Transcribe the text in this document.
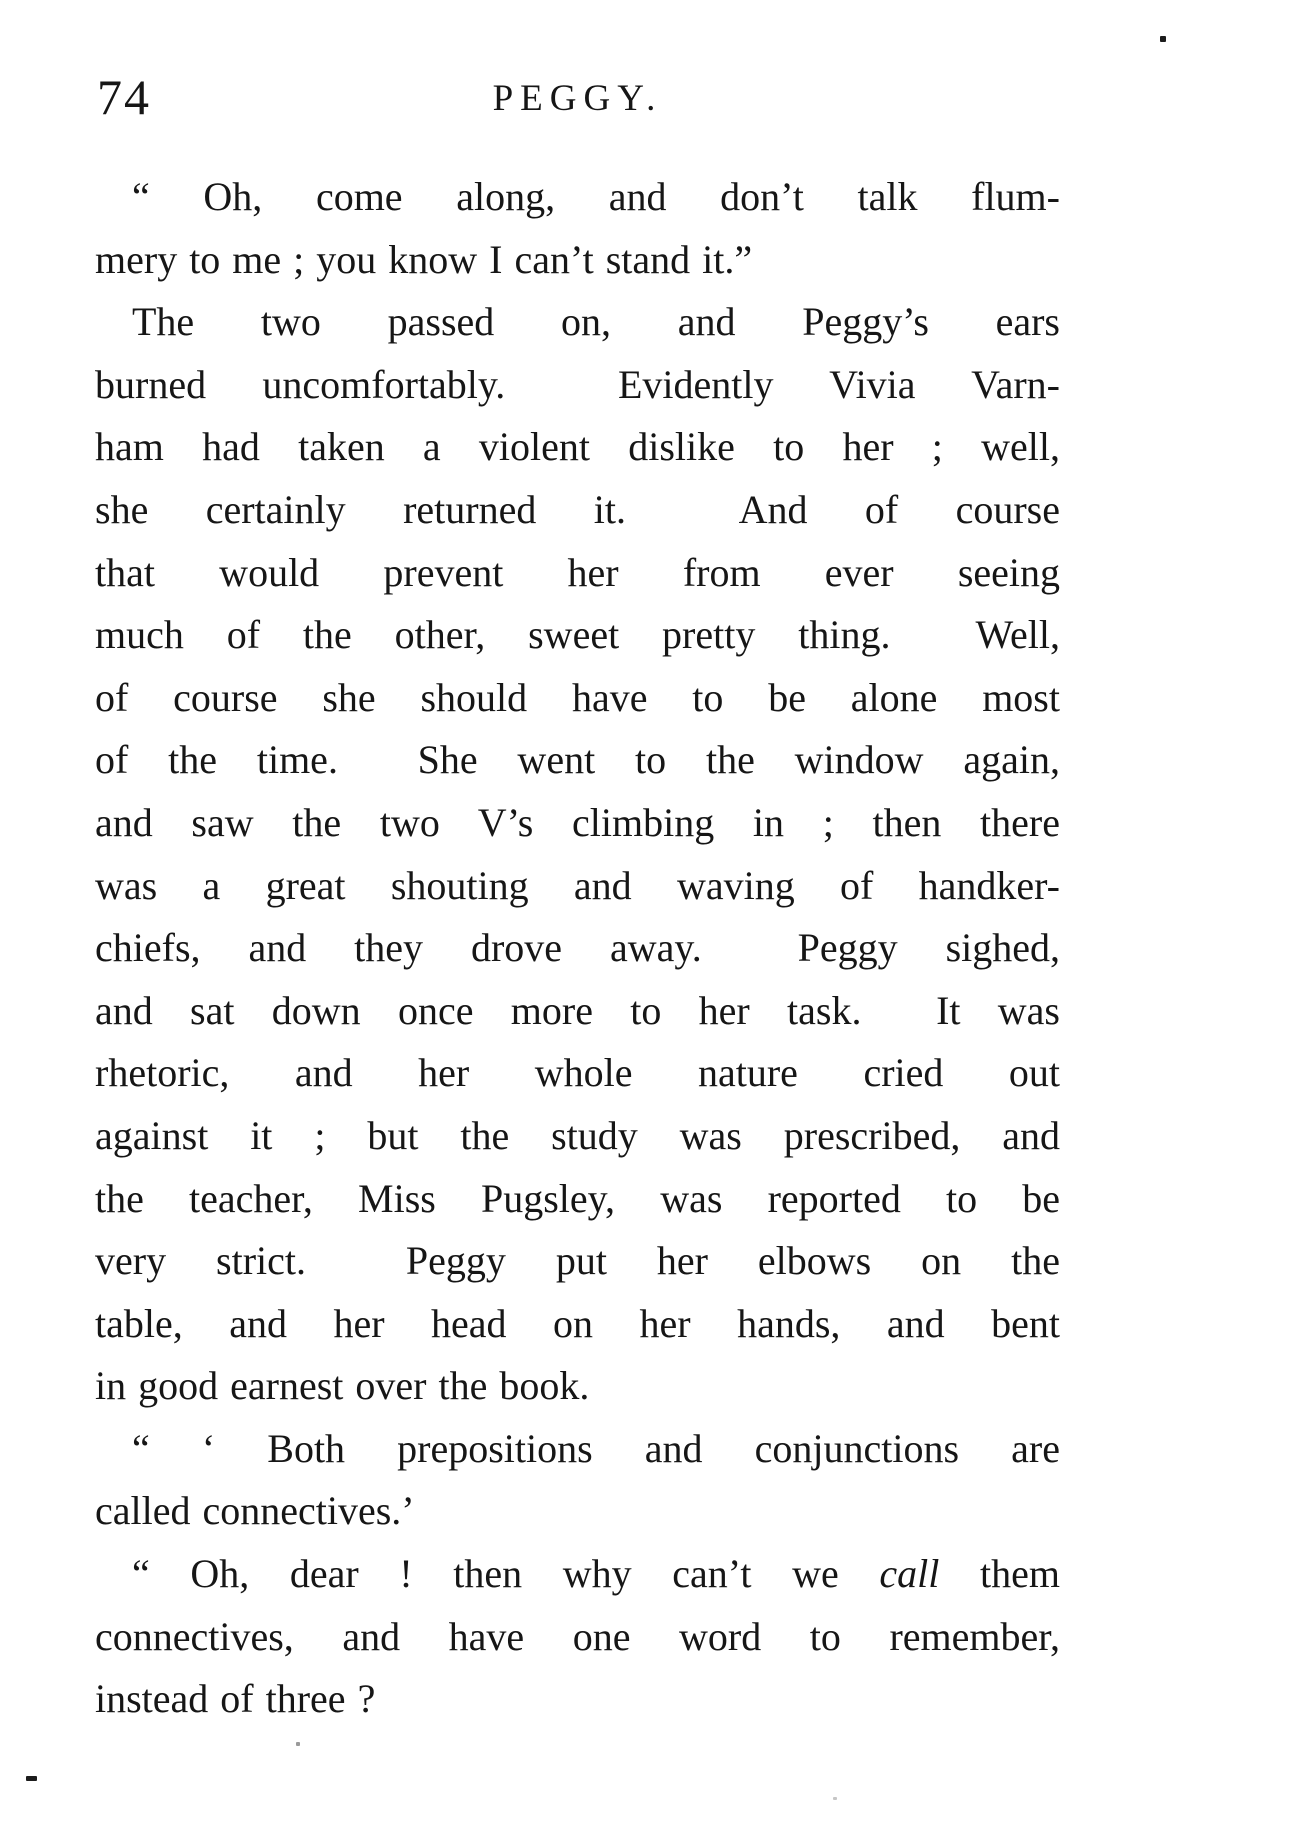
74	PEGGY.
“ Oh, come along, and don’t talk flum-
mery to me ; you know I can’t stand it.”
The two passed on, and Peggy’s ears
burned uncomfortably.  Evidently Vivia Varn-
ham had taken a violent dislike to her ; well,
she certainly returned it.  And of course
that would prevent her from ever seeing
much of the other, sweet pretty thing.  Well,
of course she should have to be alone most
of the time.  She went to the window again,
and saw the two V’s climbing in ; then there
was a great shouting and waving of handker-
chiefs, and they drove away.  Peggy sighed,
and sat down once more to her task.  It was
rhetoric, and her whole nature cried out
against it ; but the study was prescribed, and
the teacher, Miss Pugsley, was reported to be
very strict.  Peggy put her elbows on the
table, and her head on her hands, and bent
in good earnest over the book.
“ ‘ Both prepositions and conjunctions are
called connectives.’
“ Oh, dear ! then why can’t we call them
connectives, and have one word to remember,
instead of three ?
